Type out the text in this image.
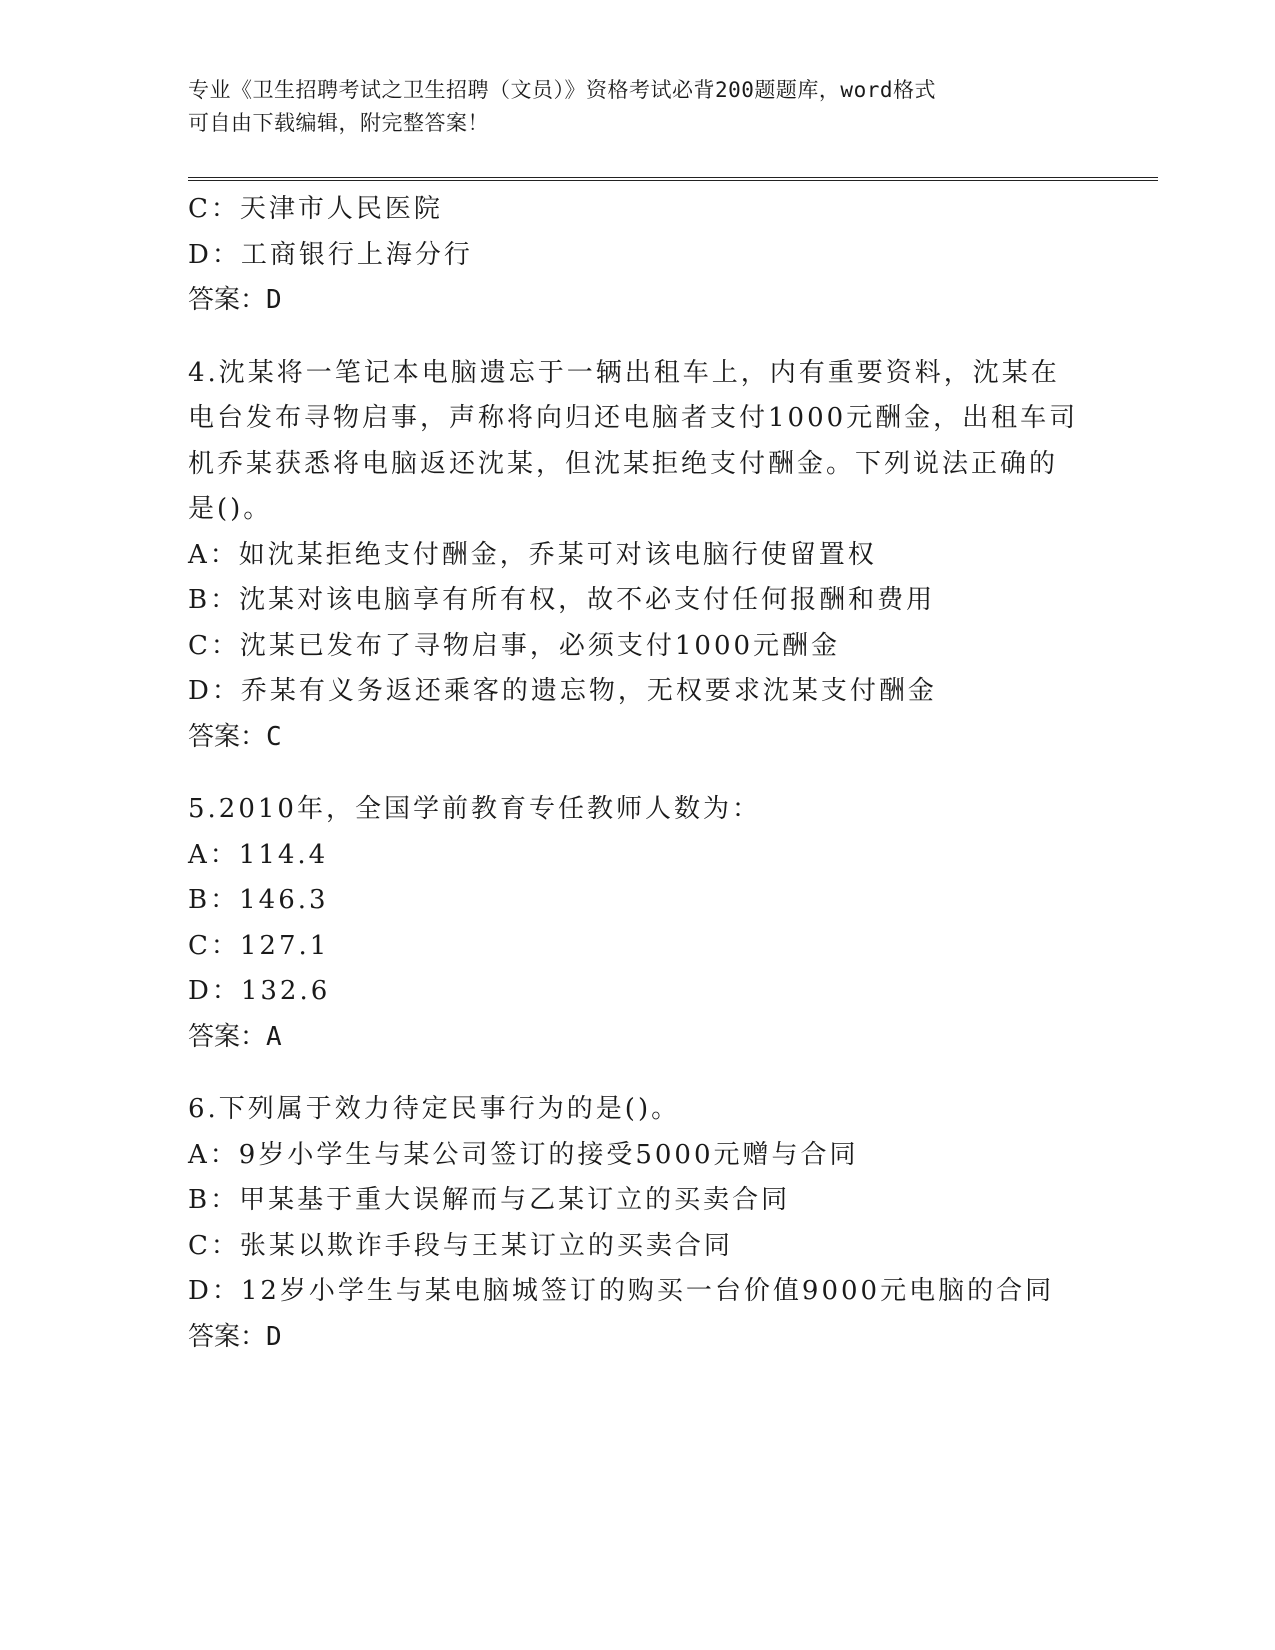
专业《卫生招聘考试之卫生招聘（文员）》资格考试必背200题题库，word格式
可自由下载编辑，附完整答案！
C：天津市人民医院
D：工商银行上海分行
答案：D
4.沈某将一笔记本电脑遗忘于一辆出租车上，内有重要资料，沈某在
电台发布寻物启事，声称将向归还电脑者支付1000元酬金，出租车司
机乔某获悉将电脑返还沈某，但沈某拒绝支付酬金。下列说法正确的
是()。
A：如沈某拒绝支付酬金，乔某可对该电脑行使留置权
B：沈某对该电脑享有所有权，故不必支付任何报酬和费用
C：沈某已发布了寻物启事，必须支付1000元酬金
D：乔某有义务返还乘客的遗忘物，无权要求沈某支付酬金
答案：C
5.2010年，全国学前教育专任教师人数为：
A：114.4
B：146.3
C：127.1
D：132.6
答案：A
6.下列属于效力待定民事行为的是()。
A：9岁小学生与某公司签订的接受5000元赠与合同
B：甲某基于重大误解而与乙某订立的买卖合同
C：张某以欺诈手段与王某订立的买卖合同
D：12岁小学生与某电脑城签订的购买一台价值9000元电脑的合同
答案：D
